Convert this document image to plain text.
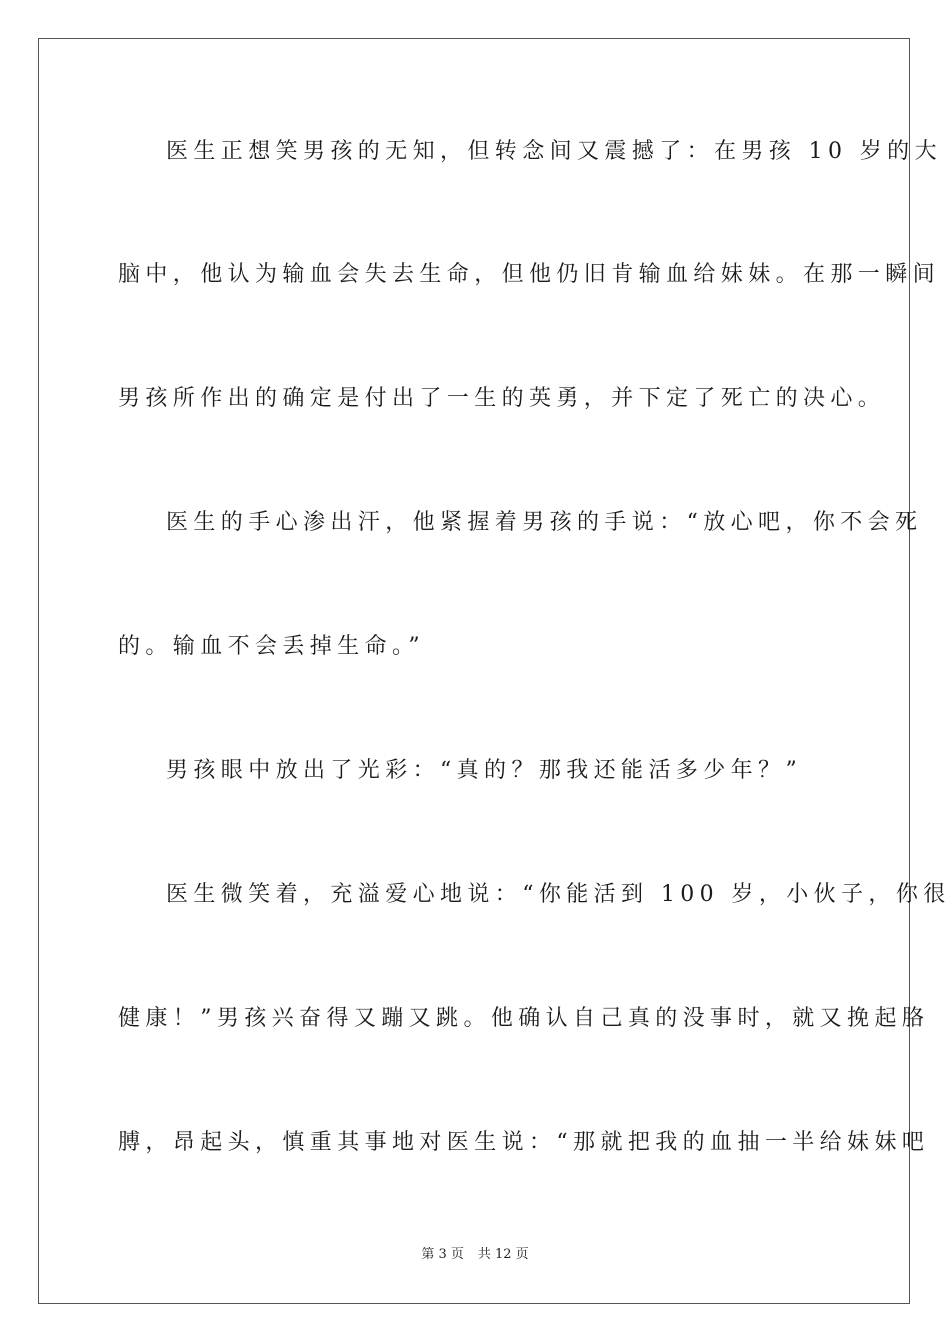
医生正想笑男孩的无知，但转念间又震撼了：在男孩 10 岁的大
脑中，他认为输血会失去生命，但他仍旧肯输血给妹妹。在那一瞬间
男孩所作出的确定是付出了一生的英勇，并下定了死亡的决心。
医生的手心渗出汗，他紧握着男孩的手说：“放心吧，你不会死
的。输血不会丢掉生命。”
男孩眼中放出了光彩：“真的？那我还能活多少年？”
医生微笑着，充溢爱心地说：“你能活到 100 岁，小伙子，你很
健康！”男孩兴奋得又蹦又跳。他确认自己真的没事时，就又挽起胳
膊，昂起头，慎重其事地对医生说：“那就把我的血抽一半给妹妹吧
第 3 页 共 12 页
